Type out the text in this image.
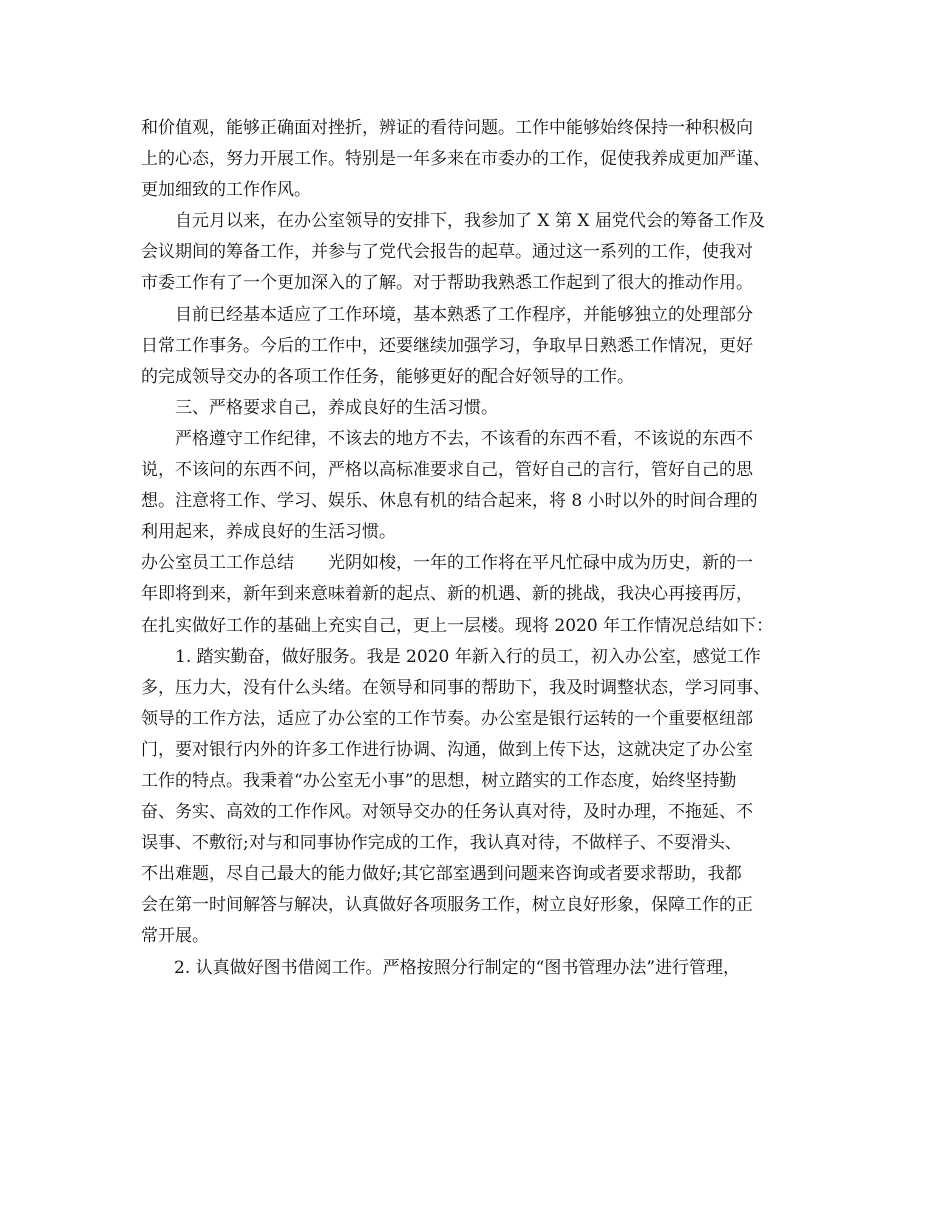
和价值观，能够正确面对挫折，辨证的看待问题。工作中能够始终保持一种积极向
上的心态，努力开展工作。特别是一年多来在市委办的工作，促使我养成更加严谨、
更加细致的工作作风。
自元月以来，在办公室领导的安排下，我参加了 X 第 X 届党代会的筹备工作及
会议期间的筹备工作，并参与了党代会报告的起草。通过这一系列的工作，使我对
市委工作有了一个更加深入的了解。对于帮助我熟悉工作起到了很大的推动作用。
目前已经基本适应了工作环境，基本熟悉了工作程序，并能够独立的处理部分
日常工作事务。今后的工作中，还要继续加强学习，争取早日熟悉工作情况，更好
的完成领导交办的各项工作任务，能够更好的配合好领导的工作。
三、严格要求自己，养成良好的生活习惯。
严格遵守工作纪律，不该去的地方不去，不该看的东西不看，不该说的东西不
说，不该问的东西不问，严格以高标准要求自己，管好自己的言行，管好自己的思
想。注意将工作、学习、娱乐、休息有机的结合起来，将 8 小时以外的时间合理的
利用起来，养成良好的生活习惯。
办公室员工工作总结　　光阴如梭，一年的工作将在平凡忙碌中成为历史，新的一
年即将到来，新年到来意味着新的起点、新的机遇、新的挑战，我决心再接再厉，
在扎实做好工作的基础上充实自己，更上一层楼。现将 2020 年工作情况总结如下：
1. 踏实勤奋，做好服务。我是 2020 年新入行的员工，初入办公室，感觉工作
多，压力大，没有什么头绪。在领导和同事的帮助下，我及时调整状态，学习同事、
领导的工作方法，适应了办公室的工作节奏。办公室是银行运转的一个重要枢纽部
门，要对银行内外的许多工作进行协调、沟通，做到上传下达，这就决定了办公室
工作的特点。我秉着“办公室无小事”的思想，树立踏实的工作态度，始终坚持勤
奋、务实、高效的工作作风。对领导交办的任务认真对待，及时办理，不拖延、不
误事、不敷衍;对与和同事协作完成的工作，我认真对待，不做样子、不耍滑头、
不出难题，尽自己最大的能力做好;其它部室遇到问题来咨询或者要求帮助，我都
会在第一时间解答与解决，认真做好各项服务工作，树立良好形象，保障工作的正
常开展。
2. 认真做好图书借阅工作。严格按照分行制定的“图书管理办法”进行管理，
